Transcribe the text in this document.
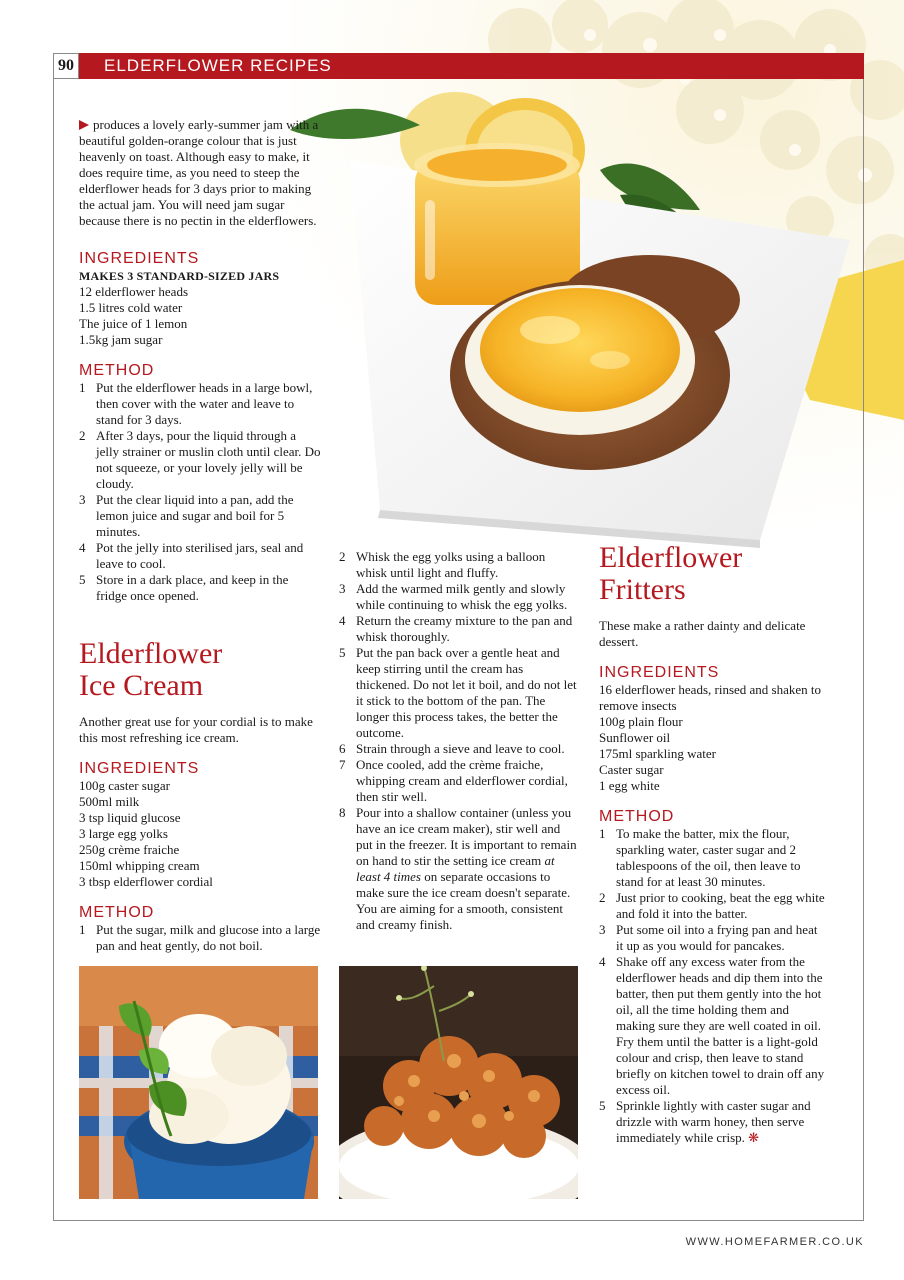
90 ELDERFLOWER RECIPES

produces a lovely early-summer jam with a beautiful golden-orange colour that is just heavenly on toast. Although easy to make, it does require time, as you need to steep the elderflower heads for 3 days prior to making the actual jam. You will need jam sugar because there is no pectin in the elderflowers.

INGREDIENTS
MAKES 3 STANDARD-SIZED JARS
12 elderflower heads
1.5 litres cold water
The juice of 1 lemon
1.5kg jam sugar
METHOD
1 Put the elderflower heads in a large bowl, then cover with the water and leave to stand for 3 days.
2 After 3 days, pour the liquid through a jelly strainer or muslin cloth until clear. Do not squeeze, or your lovely jelly will be cloudy.
3 Put the clear liquid into a pan, add the lemon juice and sugar and boil for 5 minutes.
4 Pot the jelly into sterilised jars, seal and leave to cool.
5 Store in a dark place, and keep in the fridge once opened.
Elderflower
Ice Cream

Another great use for your cordial is to make this most refreshing ice cream.

INGREDIENTS
100g caster sugar
500ml milk
3 tsp liquid glucose
3 large egg yolks
250g crème fraiche
150ml whipping cream
3 tbsp elderflower cordial
METHOD
1 Put the sugar, milk and glucose into a large pan and heat gently, do not boil.
2 Whisk the egg yolks using a balloon whisk until light and fluffy.
3 Add the warmed milk gently and slowly while continuing to whisk the egg yolks.
4 Return the creamy mixture to the pan and whisk thoroughly.
5 Put the pan back over a gentle heat and keep stirring until the cream has thickened. Do not let it boil, and do not let it stick to the bottom of the pan. The longer this process takes, the better the outcome.
6 Strain through a sieve and leave to cool.
7 Once cooled, add the crème fraiche, whipping cream and elderflower cordial, then stir well.
8 Pour into a shallow container (unless you have an ice cream maker), stir well and put in the freezer. It is important to remain on hand to stir the setting ice cream at least 4 times on separate occasions to make sure the ice cream doesn't separate. You are aiming for a smooth, consistent and creamy finish.
Elderflower
Fritters

These make a rather dainty and delicate dessert.

INGREDIENTS
16 elderflower heads, rinsed and shaken to remove insects
100g plain flour
Sunflower oil
175ml sparkling water
Caster sugar
1 egg white
METHOD
1 To make the batter, mix the flour, sparkling water, caster sugar and 2 tablespoons of the oil, then leave to stand for at least 30 minutes.
2 Just prior to cooking, beat the egg white and fold it into the batter.
3 Put some oil into a frying pan and heat it up as you would for pancakes.
4 Shake off any excess water from the elderflower heads and dip them into the batter, then put them gently into the hot oil, all the time holding them and making sure they are well coated in oil. Fry them until the batter is a light-gold colour and crisp, then leave to stand briefly on kitchen towel to drain off any excess oil.
5 Sprinkle lightly with caster sugar and drizzle with warm honey, then serve immediately while crisp. ❋
WWW.HOMEFARMER.CO.UK
